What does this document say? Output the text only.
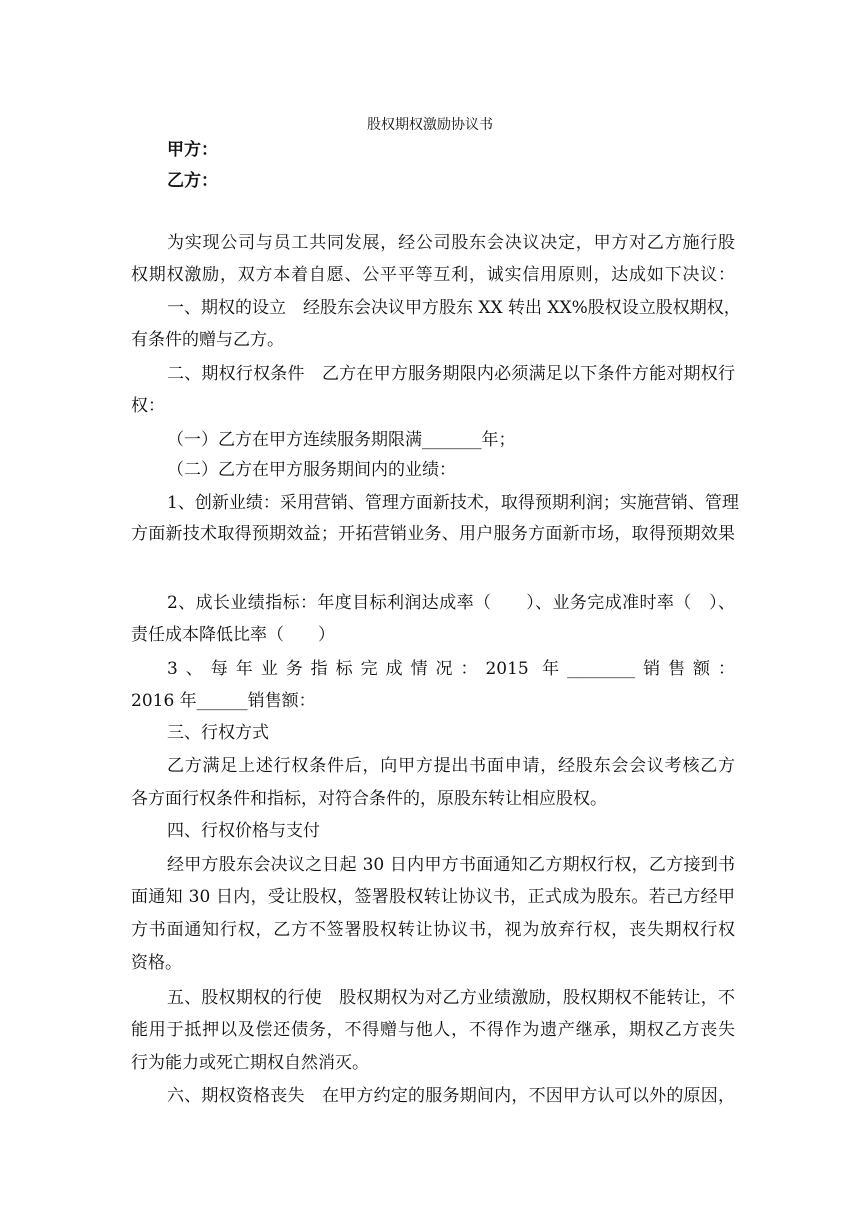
股权期权激励协议书
甲方：
乙方：
为实现公司与员工共同发展，经公司股东会决议决定，甲方对乙方施行股
权期权激励，双方本着自愿、公平平等互利，诚实信用原则，达成如下决议：
一、期权的设立　经股东会决议甲方股东 XX 转出 XX%股权设立股权期权，
有条件的赠与乙方。
二、期权行权条件　乙方在甲方服务期限内必须满足以下条件方能对期权行
权：
（一）乙方在甲方连续服务期限满_______年；
（二）乙方在甲方服务期间内的业绩：
1、创新业绩：采用营销、管理方面新技术，取得预期利润；实施营销、管理
方面新技术取得预期效益；开拓营销业务、用户服务方面新市场，取得预期效果
2、成长业绩指标：年度目标利润达成率（　　）、业务完成准时率（　）、
责任成本降低比率（　　）
3、每年业务指标完成情况：2015 年________销售额：
2016 年______销售额：
三、行权方式
乙方满足上述行权条件后，向甲方提出书面申请，经股东会会议考核乙方
各方面行权条件和指标，对符合条件的，原股东转让相应股权。
四、行权价格与支付
经甲方股东会决议之日起 30 日内甲方书面通知乙方期权行权，乙方接到书
面通知 30 日内，受让股权，签署股权转让协议书，正式成为股东。若己方经甲
方书面通知行权，乙方不签署股权转让协议书，视为放弃行权，丧失期权行权
资格。
五、股权期权的行使　股权期权为对乙方业绩激励，股权期权不能转让，不
能用于抵押以及偿还债务，不得赠与他人，不得作为遗产继承，期权乙方丧失
行为能力或死亡期权自然消灭。
六、期权资格丧失　在甲方约定的服务期间内，不因甲方认可以外的原因，
